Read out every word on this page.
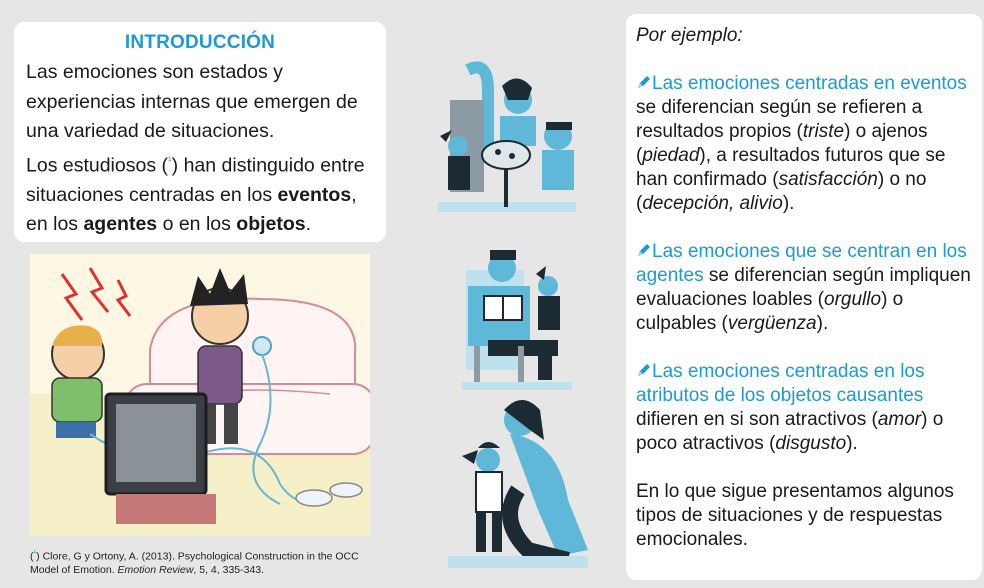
INTRODUCCIÓN

Las emociones son estados y experiencias internas que emergen de una variedad de situaciones.

Los estudiosos ($^{^1}$) han distinguido entre situaciones centradas en los eventos, en los agentes o en los objetos.

($^{^1}$) Clore, G y Ortony, A. (2013). Psychological Construction in the OCC Model of Emotion. Emotion Review, 5, 4, 335-343.

Por ejemplo:

Las emociones centradas en eventos se diferencian según se refieren a resultados propios (triste) o ajenos (piedad), a resultados futuros que se han confirmado (satisfacción) o no (decepción, alivio).

Las emociones que se centran en los agentes se diferencian según impliquen evaluaciones loables (orgullo) o culpables (vergüenza).

Las emociones centradas en los atributos de los objetos causantes difieren en si son atractivos (amor) o poco atractivos (disgusto).

En lo que sigue presentamos algunos tipos de situaciones y de respuestas emocionales.
